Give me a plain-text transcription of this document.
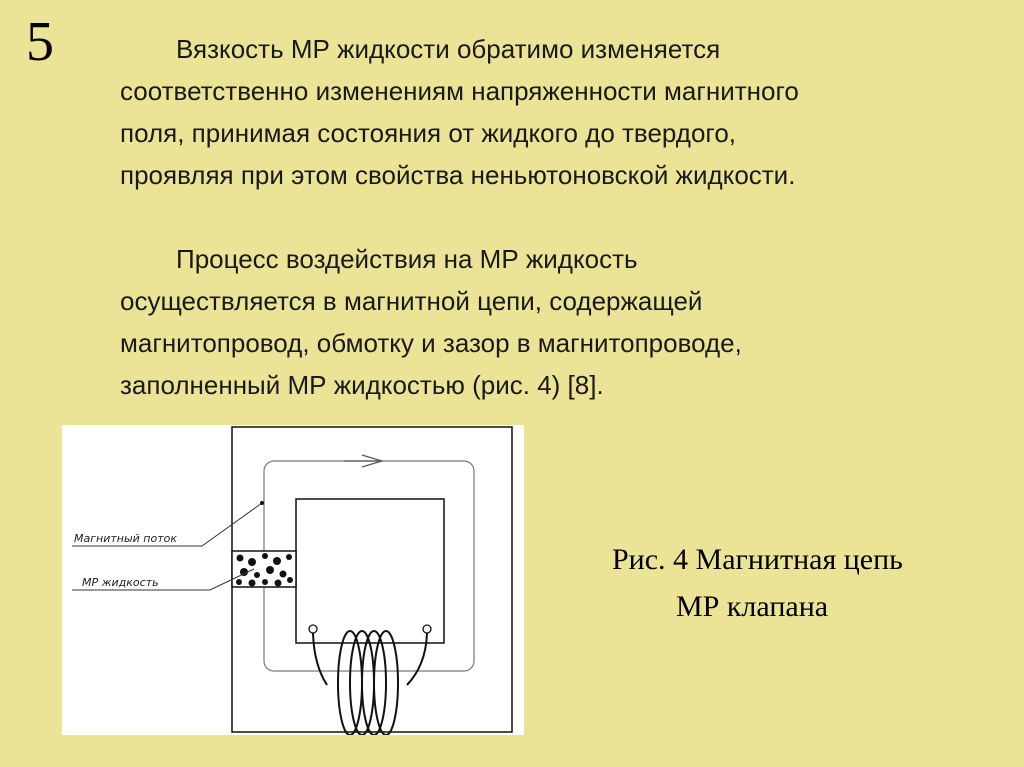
5	Вязкость МР жидкости обратимо изменяется
соответственно изменениям напряженности магнитного
поля, принимая состояния от жидкого до твердого,
проявляя при этом свойства неньютоновской жидкости.

Процесс воздействия на МР жидкость
осуществляется в магнитной цепи, содержащей
магнитопровод, обмотку и зазор в магнитопроводе,
заполненный МР жидкостью (рис. 4) [8].

Магнитный поток
МР жидкость
Рис. 4 Магнитная цепь
МР клапана
